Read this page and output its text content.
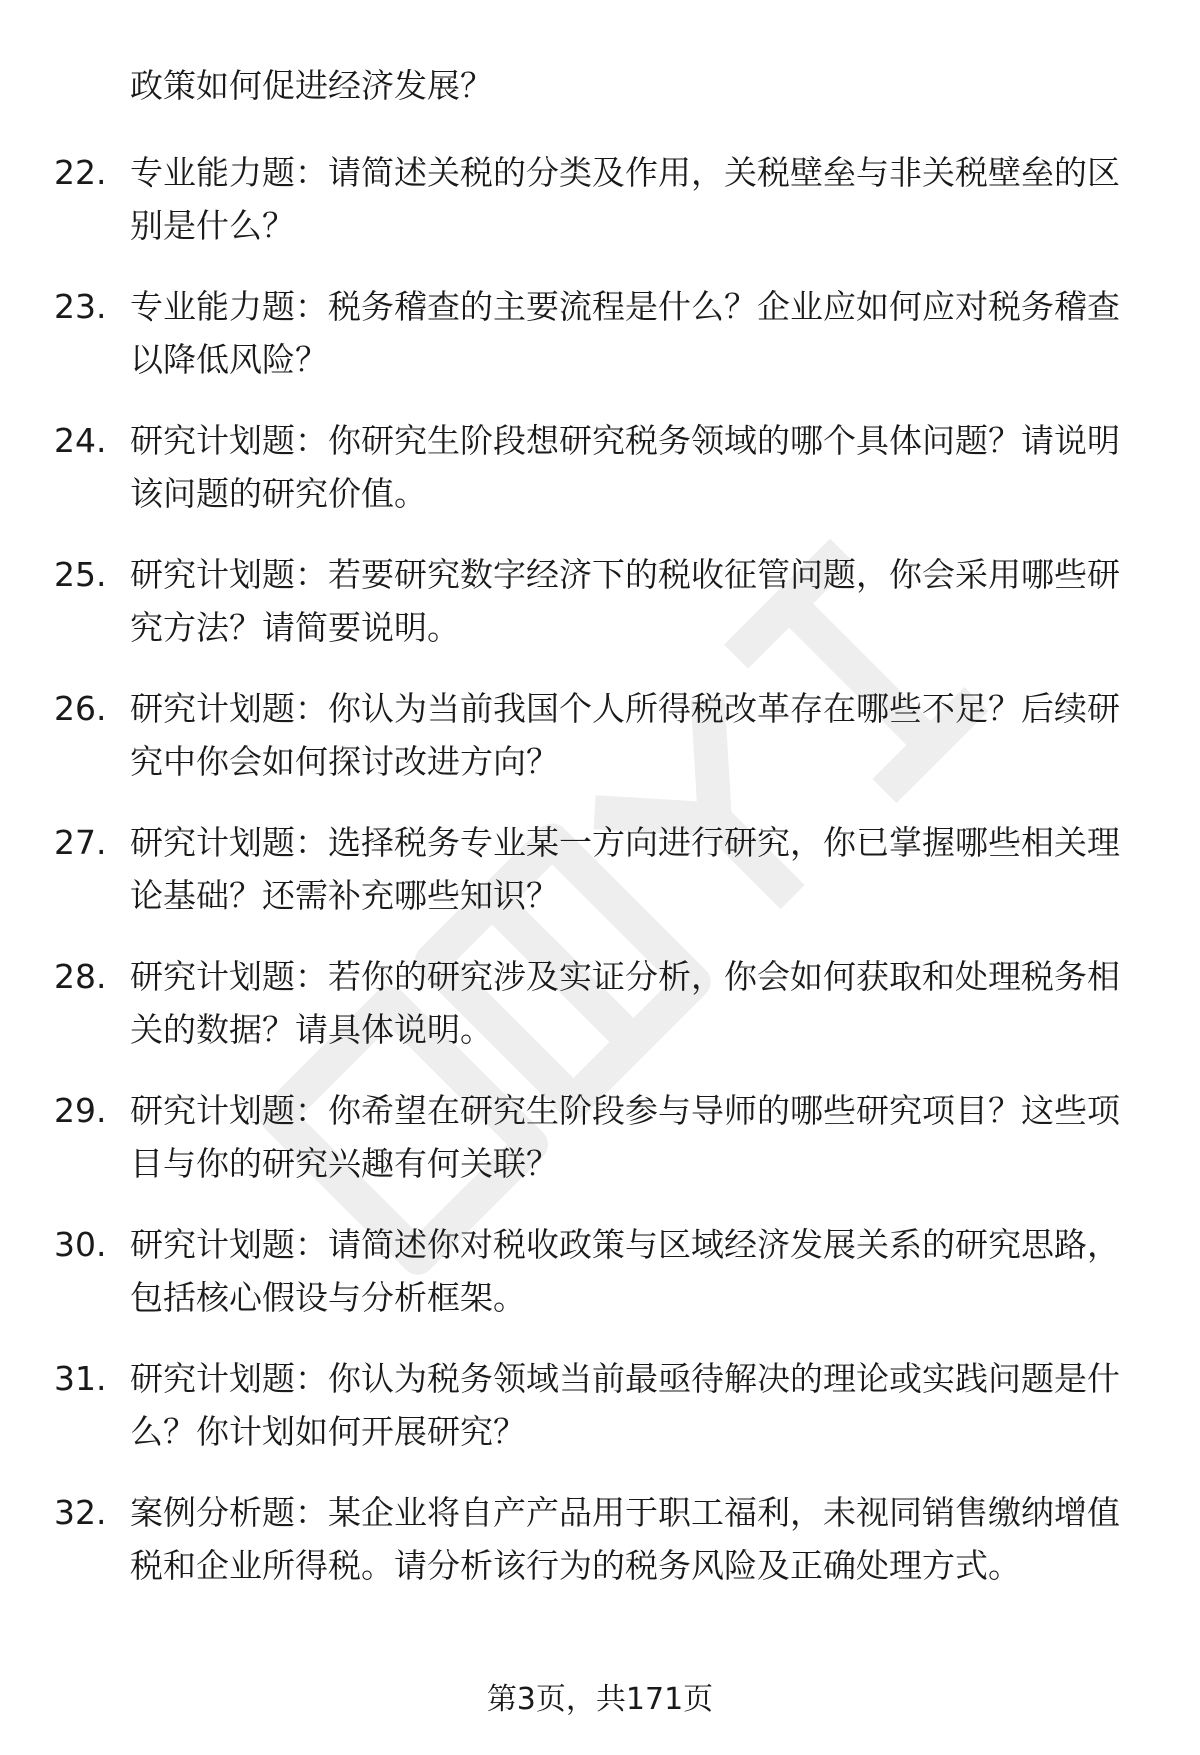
政策如何促进经济发展？
22. 专业能力题：请简述关税的分类及作用，关税壁垒与非关税壁垒的区别是什么？
23. 专业能力题：税务稽查的主要流程是什么？企业应如何应对税务稽查以降低风险？
24. 研究计划题：你研究生阶段想研究税务领域的哪个具体问题？请说明该问题的研究价值。
25. 研究计划题：若要研究数字经济下的税收征管问题，你会采用哪些研究方法？请简要说明。
26. 研究计划题：你认为当前我国个人所得税改革存在哪些不足？后续研究中你会如何探讨改进方向？
27. 研究计划题：选择税务专业某一方向进行研究，你已掌握哪些相关理论基础？还需补充哪些知识？
28. 研究计划题：若你的研究涉及实证分析，你会如何获取和处理税务相关的数据？请具体说明。
29. 研究计划题：你希望在研究生阶段参与导师的哪些研究项目？这些项目与你的研究兴趣有何关联？
30. 研究计划题：请简述你对税收政策与区域经济发展关系的研究思路，包括核心假设与分析框架。
31. 研究计划题：你认为税务领域当前最亟待解决的理论或实践问题是什么？你计划如何开展研究？
32. 案例分析题：某企业将自产产品用于职工福利，未视同销售缴纳增值税和企业所得税。请分析该行为的税务风险及正确处理方式。
第3页，共171页
